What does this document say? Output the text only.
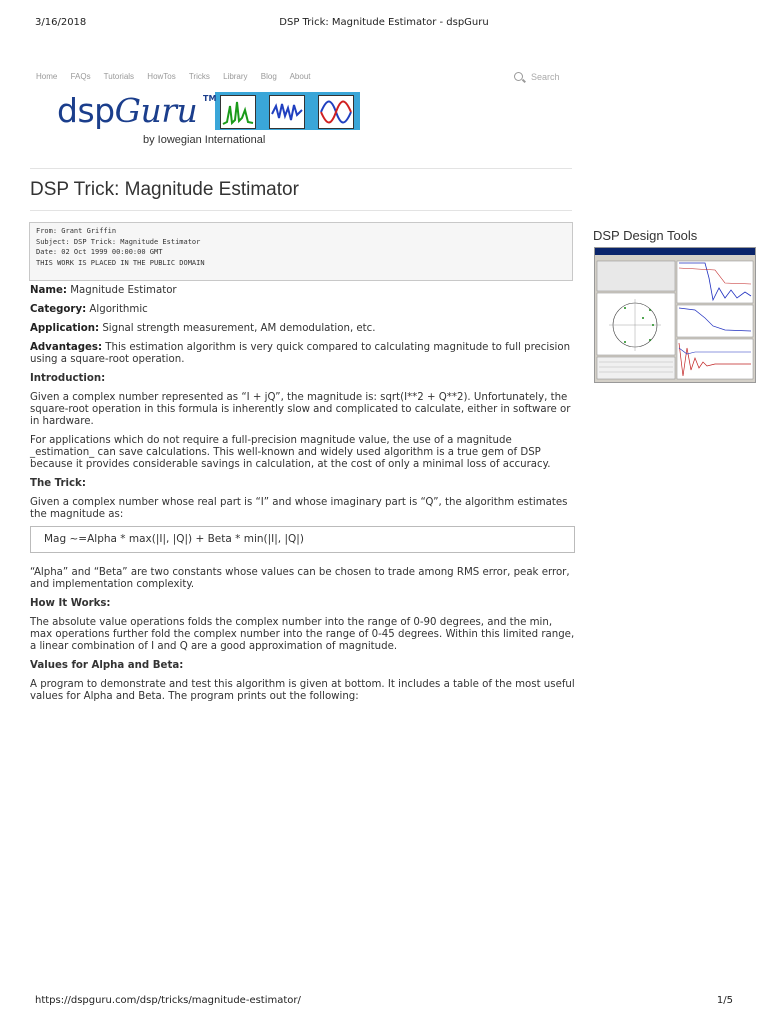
3/16/2018	DSP Trick: Magnitude Estimator - dspGuru
Home FAQs Tutorials HowTos Tricks Library Blog About	Search
dspGuru TM
by Iowegian International
DSP Trick: Magnitude Estimator
From: Grant Griffin
Subject: DSP Trick: Magnitude Estimator
Date: 02 Oct 1999 00:00:00 GMT
THIS WORK IS PLACED IN THE PUBLIC DOMAIN

Name: Magnitude Estimator

Category: Algorithmic

Application: Signal strength measurement, AM demodulation, etc.

Advantages: This estimation algorithm is very quick compared to calculating magnitude to full precision using a square-root operation.

Introduction:

Given a complex number represented as “I + jQ”, the magnitude is: sqrt(I**2 + Q**2). Unfortunately, the square-root operation in this formula is inherently slow and complicated to calculate, either in software or in hardware.

For applications which do not require a full-precision magnitude value, the use of a magnitude _estimation_ can save calculations. This well-known and widely used algorithm is a true gem of DSP because it provides considerable savings in calculation, at the cost of only a minimal loss of accuracy.

The Trick:

Given a complex number whose real part is “I” and whose imaginary part is “Q”, the algorithm estimates the magnitude as:

Mag ~=Alpha * max(|I|, |Q|) + Beta * min(|I|, |Q|)

“Alpha” and “Beta” are two constants whose values can be chosen to trade among RMS error, peak error, and implementation complexity.

How It Works:

The absolute value operations folds the complex number into the range of 0-90 degrees, and the min, max operations further fold the complex number into the range of 0-45 degrees. Within this limited range, a linear combination of I and Q are a good approximation of magnitude.

Values for Alpha and Beta:

A program to demonstrate and test this algorithm is given at bottom. It includes a table of the most useful values for Alpha and Beta. The program prints out the following:

DSP Design Tools
https://dspguru.com/dsp/tricks/magnitude-estimator/	1/5
